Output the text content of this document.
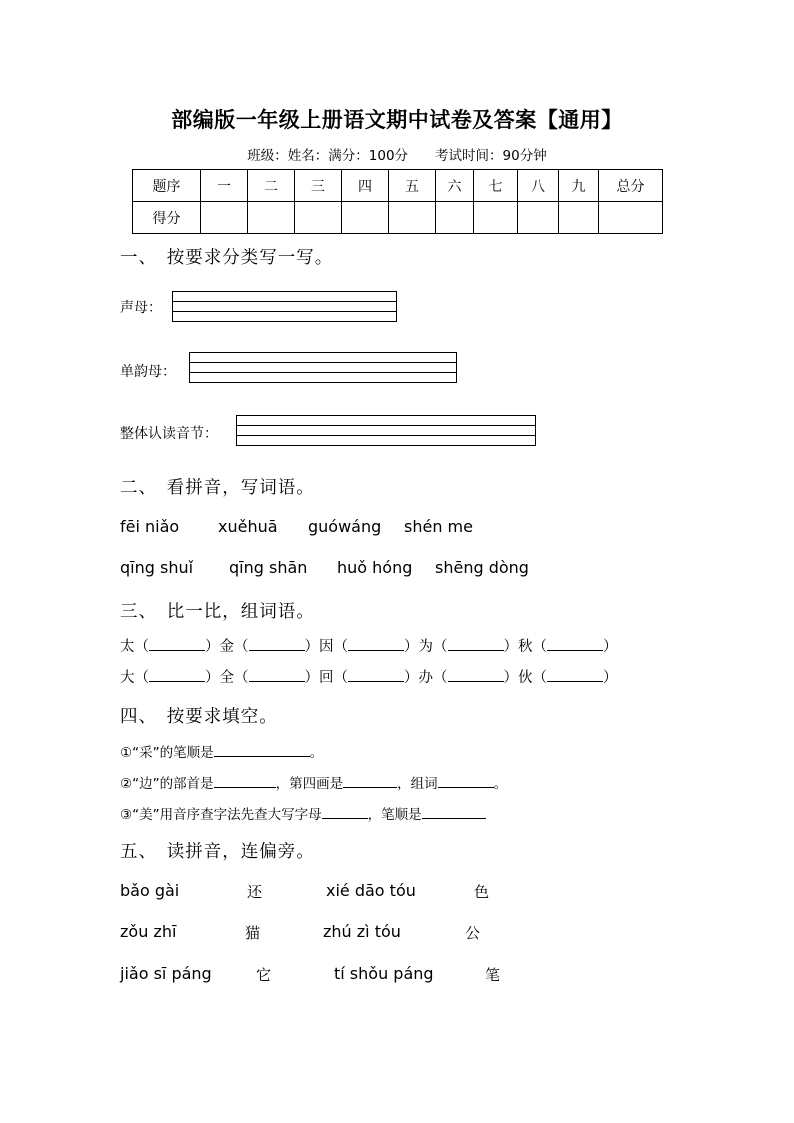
部编版一年级上册语文期中试卷及答案【通用】
班级：姓名：满分：100分　　考试时间：90分钟
题序	一	二	三	四	五	六	七	八	九	总分
得分										
一、　按要求分类写一写。
声母：
单韵母：
整体认读音节：
二、　看拼音，写词语。
fēi niǎo xuěhuā guówáng shén me
qīng shuǐ qīng shān huǒ hóng shēng dòng
三、　比一比，组词语。
太（	）金（	）因（	）为（	）秋（	）
大（	）全（	）回（	）办（	）伙（	）
四、　按要求填空。
①“采”的笔顺是	。
②“边”的部首是	，第四画是	，组词	。
③“美”用音序查字法先查大写字母	，笔顺是
五、　读拼音，连偏旁。
bǎo gài	还	xié dāo tóu	色
zǒu zhī	猫	zhú zì tóu	公
jiǎo sī páng	它	tí shǒu páng	笔
